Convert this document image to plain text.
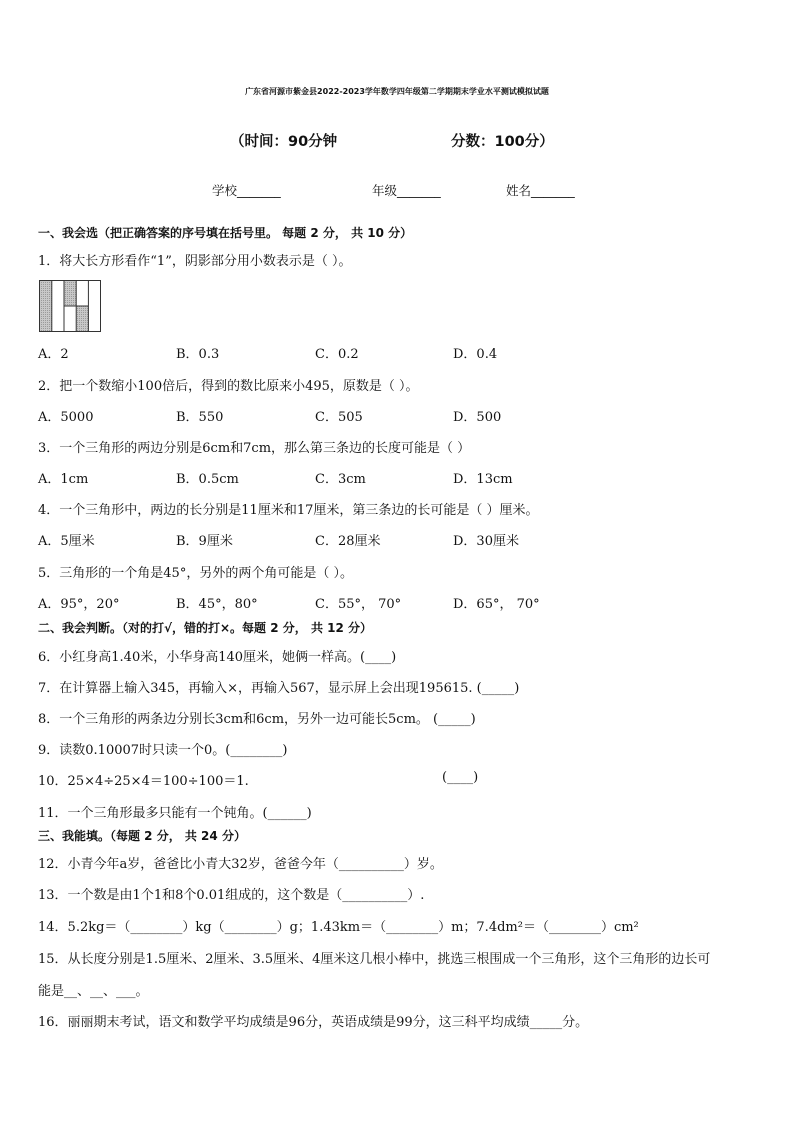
广东省河源市紫金县2022-2023学年数学四年级第二学期期末学业水平测试模拟试题
（时间：90分钟	分数：100分）
学校_______	年级_______	姓名_______
一、我会选（把正确答案的序号填在括号里。 每题 2 分， 共 10 分）
1．将大长方形看作“1”，阴影部分用小数表示是（ ）。
A．2	B．0.3	C．0.2	D．0.4
2．把一个数缩小100倍后，得到的数比原来小495，原数是（ ）。
A．5000	B．550	C．505	D．500
3．一个三角形的两边分别是6cm和7cm，那么第三条边的长度可能是（ ）
A．1cm	B．0.5cm	C．3cm	D．13cm
4．一个三角形中，两边的长分别是11厘米和17厘米，第三条边的长可能是（ ）厘米。
A．5厘米	B．9厘米	C．28厘米	D．30厘米
5．三角形的一个角是45°，另外的两个角可能是（ ）。
A．95°，20°	B．45°，80°	C．55°， 70°	D．65°， 70°
二、我会判断。（对的打√，错的打×。每题 2 分， 共 12 分）
6．小红身高1.40米，小华身高140厘米，她俩一样高。(____)
7．在计算器上输入345，再输入×，再输入567，显示屏上会出现195615. (_____)
8．一个三角形的两条边分别长3cm和6cm，另外一边可能长5cm。 (_____)
9．读数0.10007时只读一个0。(________)
10．25×4÷25×4＝100÷100＝1.	(____)
11．一个三角形最多只能有一个钝角。(______)
三、我能填。（每题 2 分， 共 24 分）
12．小青今年a岁，爸爸比小青大32岁，爸爸今年（__________）岁。
13．一个数是由1个1和8个0.01组成的，这个数是（__________）.
14．5.2kg＝（________）kg（________）g；1.43km＝（________）m；7.4dm²＝（________）cm²
15．从长度分别是1.5厘米、2厘米、3.5厘米、4厘米这几根小棒中，挑选三根围成一个三角形，这个三角形的边长可
能是__、__、___。
16．丽丽期末考试，语文和数学平均成绩是96分，英语成绩是99分，这三科平均成绩_____分。
